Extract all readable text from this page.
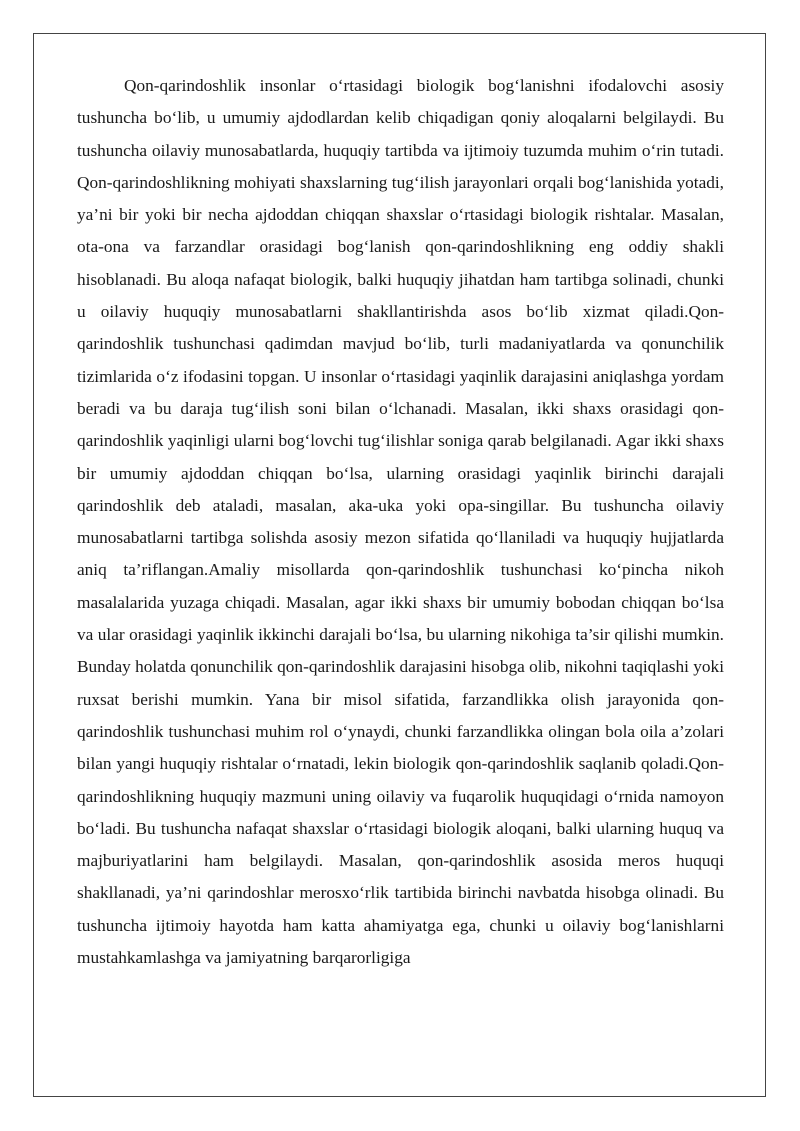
Qon-qarindoshlik insonlar oʻrtasidagi biologik bogʻlanishni ifodalovchi asosiy tushuncha boʻlib, u umumiy ajdodlardan kelib chiqadigan qoniy aloqalarni belgilaydi. Bu tushuncha oilaviy munosabatlarda, huquqiy tartibda va ijtimoiy tuzumda muhim oʻrin tutadi. Qon-qarindoshlikning mohiyati shaxslarning tugʻilish jarayonlari orqali bogʻlanishida yotadi, ya’ni bir yoki bir necha ajdoddan chiqqan shaxslar oʻrtasidagi biologik rishtalar. Masalan, ota-ona va farzandlar orasidagi bogʻlanish qon-qarindoshlikning eng oddiy shakli hisoblanadi. Bu aloqa nafaqat biologik, balki huquqiy jihatdan ham tartibga solinadi, chunki u oilaviy huquqiy munosabatlarni shakllantirishda asos boʻlib xizmat qiladi.Qon-qarindoshlik tushunchasi qadimdan mavjud boʻlib, turli madaniyatlarda va qonunchilik tizimlarida oʻz ifodasini topgan. U insonlar oʻrtasidagi yaqinlik darajasini aniqlashga yordam beradi va bu daraja tugʻilish soni bilan oʻlchanadi. Masalan, ikki shaxs orasidagi qon-qarindoshlik yaqinligi ularni bogʻlovchi tugʻilishlar soniga qarab belgilanadi. Agar ikki shaxs bir umumiy ajdoddan chiqqan boʻlsa, ularning orasidagi yaqinlik birinchi darajali qarindoshlik deb ataladi, masalan, aka-uka yoki opa-singillar. Bu tushuncha oilaviy munosabatlarni tartibga solishda asosiy mezon sifatida qoʻllaniladi va huquqiy hujjatlarda aniq ta’riflangan.Amaliy misollarda qon-qarindoshlik tushunchasi koʻpincha nikoh masalalarida yuzaga chiqadi. Masalan, agar ikki shaxs bir umumiy bobodan chiqqan boʻlsa va ular orasidagi yaqinlik ikkinchi darajali boʻlsa, bu ularning nikohiga ta’sir qilishi mumkin. Bunday holatda qonunchilik qon-qarindoshlik darajasini hisobga olib, nikohni taqiqlashi yoki ruxsat berishi mumkin. Yana bir misol sifatida, farzandlikka olish jarayonida qon-qarindoshlik tushunchasi muhim rol oʻynaydi, chunki farzandlikka olingan bola oila a’zolari bilan yangi huquqiy rishtalar oʻrnatadi, lekin biologik qon-qarindoshlik saqlanib qoladi.Qon-qarindoshlikning huquqiy mazmuni uning oilaviy va fuqarolik huquqidagi oʻrnida namoyon boʻladi. Bu tushuncha nafaqat shaxslar oʻrtasidagi biologik aloqani, balki ularning huquq va majburiyatlarini ham belgilaydi. Masalan, qon-qarindoshlik asosida meros huquqi shakllanadi, ya’ni qarindoshlar merosxoʻrlik tartibida birinchi navbatda hisobga olinadi. Bu tushuncha ijtimoiy hayotda ham katta ahamiyatga ega, chunki u oilaviy bogʻlanishlarni mustahkamlashga va jamiyatning barqarorligiga
